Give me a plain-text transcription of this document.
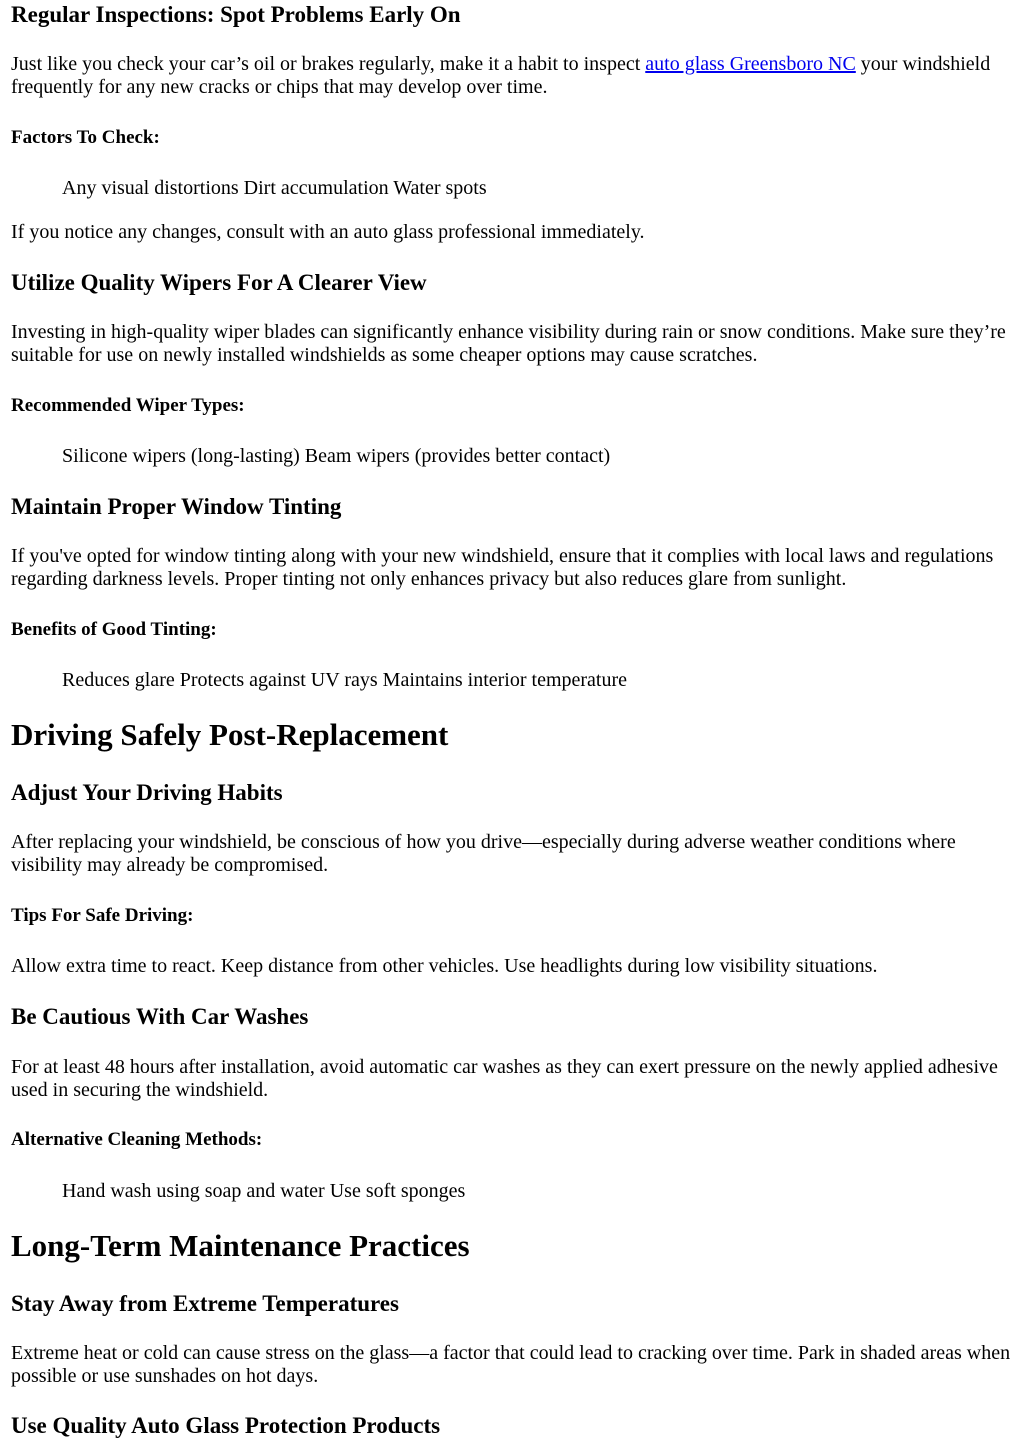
Regular Inspections: Spot Problems Early On

Just like you check your car’s oil or brakes regularly, make it a habit to inspect auto glass Greensboro NC your windshield frequently for any new cracks or chips that may develop over time.

Factors To Check:
Any visual distortions Dirt accumulation Water spots

If you notice any changes, consult with an auto glass professional immediately.

Utilize Quality Wipers For A Clearer View

Investing in high-quality wiper blades can significantly enhance visibility during rain or snow conditions. Make sure they’re suitable for use on newly installed windshields as some cheaper options may cause scratches.

Recommended Wiper Types:
Silicone wipers (long-lasting) Beam wipers (provides better contact)
Maintain Proper Window Tinting

If you've opted for window tinting along with your new windshield, ensure that it complies with local laws and regulations regarding darkness levels. Proper tinting not only enhances privacy but also reduces glare from sunlight.

Benefits of Good Tinting:
Reduces glare Protects against UV rays Maintains interior temperature
Driving Safely Post-Replacement
Adjust Your Driving Habits

After replacing your windshield, be conscious of how you drive—especially during adverse weather conditions where visibility may already be compromised.

Tips For Safe Driving:

Allow extra time to react. Keep distance from other vehicles. Use headlights during low visibility situations.

Be Cautious With Car Washes

For at least 48 hours after installation, avoid automatic car washes as they can exert pressure on the newly applied adhesive used in securing the windshield.

Alternative Cleaning Methods:
Hand wash using soap and water Use soft sponges
Long-Term Maintenance Practices
Stay Away from Extreme Temperatures

Extreme heat or cold can cause stress on the glass—a factor that could lead to cracking over time. Park in shaded areas when possible or use sunshades on hot days.

Use Quality Auto Glass Protection Products
